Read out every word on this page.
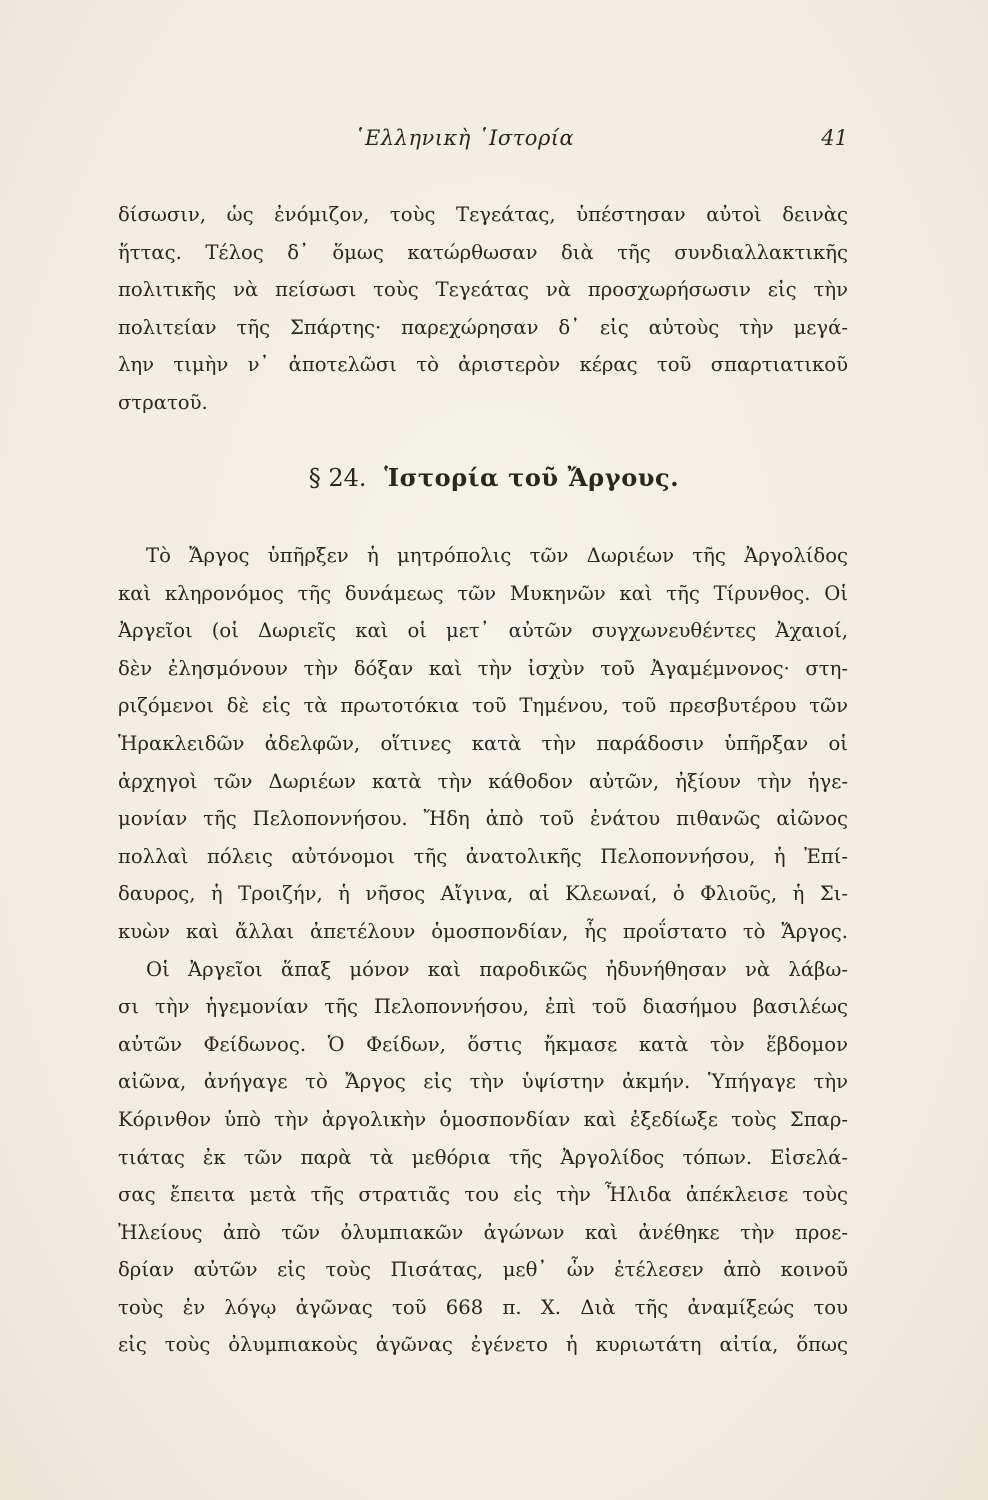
῾Ελληνικὴ ῾Ιστορία	41
δίσωσιν, ὡς ἐνόμιζον, τοὺς Τεγεάτας, ὑπέστησαν αὐτοὶ δεινὰς
ἥττας. Τέλος δ᾽ ὅμως κατώρθωσαν διὰ τῆς συνδιαλλακτικῆς
πολιτικῆς νὰ πείσωσι τοὺς Τεγεάτας νὰ προσχωρήσωσιν εἰς τὴν
πολιτείαν τῆς Σπάρτης· παρεχώρησαν δ᾽ εἰς αὐτοὺς τὴν μεγά-
λην τιμὴν ν᾽ ἀποτελῶσι τὸ ἀριστερὸν κέρας τοῦ σπαρτιατικοῦ
στρατοῦ.
§ 24. Ἱστορία τοῦ Ἄργους.
Τὸ Ἄργος ὑπῆρξεν ἡ μητρόπολις τῶν Δωριέων τῆς Ἀργολίδος
καὶ κληρονόμος τῆς δυνάμεως τῶν Μυκηνῶν καὶ τῆς Τίρυνθος. Οἱ
Ἀργεῖοι (οἱ Δωριεῖς καὶ οἱ μετ᾽ αὐτῶν συγχωνευθέντες Ἀχαιοί,
δὲν ἐλησμόνουν τὴν δόξαν καὶ τὴν ἰσχὺν τοῦ Ἀγαμέμνονος· στη-
ριζόμενοι δὲ εἰς τὰ πρωτοτόκια τοῦ Τημένου, τοῦ πρεσβυτέρου τῶν
Ἡρακλειδῶν ἀδελφῶν, οἵτινες κατὰ τὴν παράδοσιν ὑπῆρξαν οἱ
ἀρχηγοὶ τῶν Δωριέων κατὰ τὴν κάθοδον αὐτῶν, ἠξίουν τὴν ἡγε-
μονίαν τῆς Πελοποννήσου. Ἤδη ἀπὸ τοῦ ἐνάτου πιθανῶς αἰῶνος
πολλαὶ πόλεις αὐτόνομοι τῆς ἀνατολικῆς Πελοποννήσου, ἡ Ἐπί-
δαυρος, ἡ Τροιζήν, ἡ νῆσος Αἴγινα, αἱ Κλεωναί, ὁ Φλιοῦς, ἡ Σι-
κυὼν καὶ ἄλλαι ἀπετέλουν ὁμοσπονδίαν, ἧς προΐστατο τὸ Ἄργος.
Οἱ Ἀργεῖοι ἅπαξ μόνον καὶ παροδικῶς ἠδυνήθησαν νὰ λάβω-
σι τὴν ἡγεμονίαν τῆς Πελοποννήσου, ἐπὶ τοῦ διασήμου βασιλέως
αὐτῶν Φείδωνος. Ὁ Φείδων, ὅστις ἤκμασε κατὰ τὸν ἕβδομον
αἰῶνα, ἀνήγαγε τὸ Ἄργος εἰς τὴν ὑψίστην ἀκμήν. Ὑπήγαγε τὴν
Κόρινθον ὑπὸ τὴν ἀργολικὴν ὁμοσπονδίαν καὶ ἐξεδίωξε τοὺς Σπαρ-
τιάτας ἐκ τῶν παρὰ τὰ μεθόρια τῆς Ἀργολίδος τόπων. Εἰσελά-
σας ἔπειτα μετὰ τῆς στρατιᾶς του εἰς τὴν Ἦλιδα ἀπέκλεισε τοὺς
Ἠλείους ἀπὸ τῶν ὀλυμπιακῶν ἀγώνων καὶ ἀνέθηκε τὴν προε-
δρίαν αὐτῶν εἰς τοὺς Πισάτας, μεθ᾽ ὧν ἐτέλεσεν ἀπὸ κοινοῦ
τοὺς ἐν λόγῳ ἀγῶνας τοῦ 668 π. Χ. Διὰ τῆς ἀναμίξεώς του
εἰς τοὺς ὀλυμπιακοὺς ἀγῶνας ἐγένετο ἡ κυριωτάτη αἰτία, ὅπως
